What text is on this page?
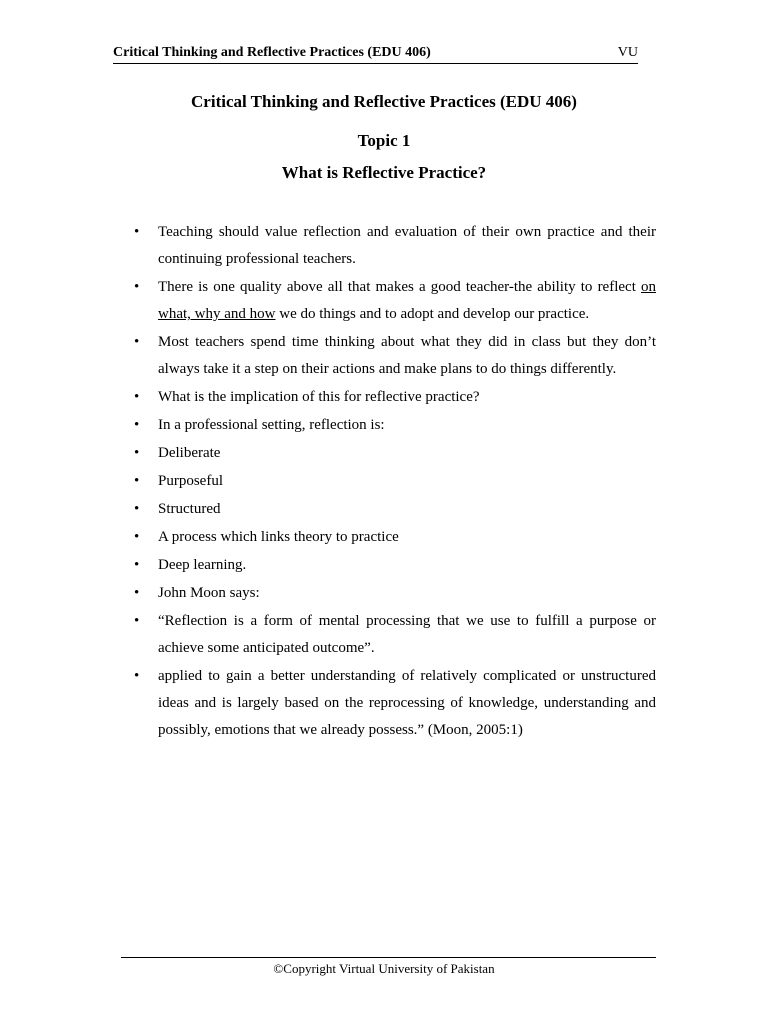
Critical Thinking and Reflective Practices (EDU 406)	VU
Critical Thinking and Reflective Practices (EDU 406)
Topic 1
What is Reflective Practice?
• Teaching should value reflection and evaluation of their own practice and their continuing professional teachers.
• There is one quality above all that makes a good teacher-the ability to reflect on what, why and how we do things and to adopt and develop our practice.
• Most teachers spend time thinking about what they did in class but they don’t always take it a step on their actions and make plans to do things differently.
• What is the implication of this for reflective practice?
• In a professional setting, reflection is:
• Deliberate
• Purposeful
• Structured
• A process which links theory to practice
• Deep learning.
• John Moon says:
• “Reflection is a form of mental processing that we use to fulfill a purpose or achieve some anticipated outcome”.
• applied to gain a better understanding of relatively complicated or unstructured ideas and is largely based on the reprocessing of knowledge, understanding and possibly, emotions that we already possess.” (Moon, 2005:1)
©Copyright Virtual University of Pakistan
